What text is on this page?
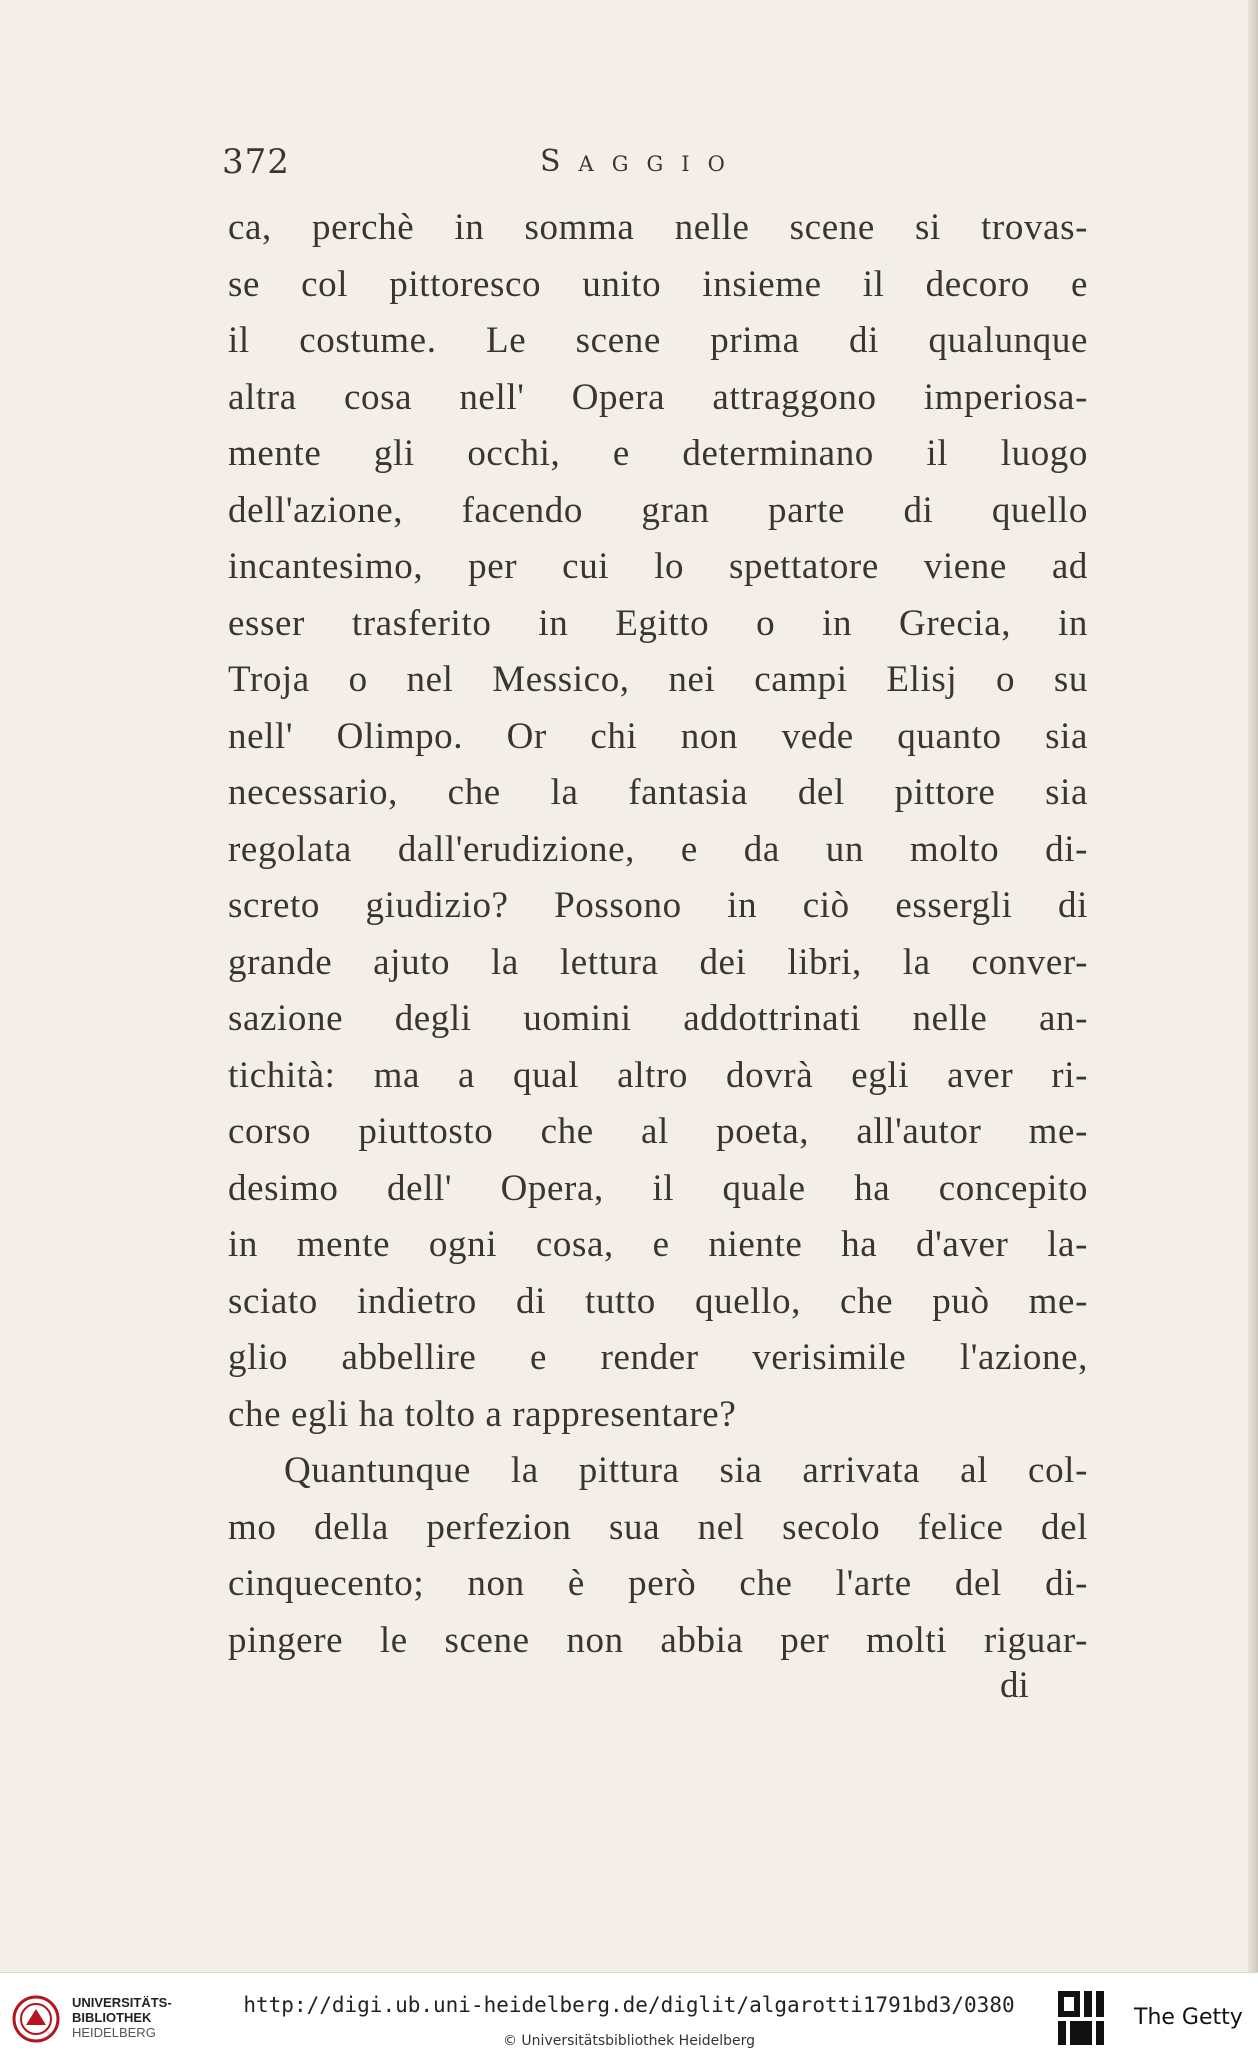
372	Saggio
ca, perchè in somma nelle scene si trovas-
se col pittoresco unito insieme il decoro e
il costume. Le scene prima di qualunque
altra cosa nell' Opera attraggono imperiosa-
mente gli occhi, e determinano il luogo
dell'azione, facendo gran parte di quello
incantesimo, per cui lo spettatore viene ad
esser trasferito in Egitto o in Grecia, in
Troja o nel Messico, nei campi Elisj o su
nell' Olimpo. Or chi non vede quanto sia
necessario, che la fantasia del pittore sia
regolata dall'erudizione, e da un molto di-
screto giudizio? Possono in ciò essergli di
grande ajuto la lettura dei libri, la conver-
sazione degli uomini addottrinati nelle an-
tichità: ma a qual altro dovrà egli aver ri-
corso piuttosto che al poeta, all'autor me-
desimo dell' Opera, il quale ha concepito
in mente ogni cosa, e niente ha d'aver la-
sciato indietro di tutto quello, che può me-
glio abbellire e render verisimile l'azione,
che egli ha tolto a rappresentare?
Quantunque la pittura sia arrivata al col-
mo della perfezion sua nel secolo felice del
cinquecento; non è però che l'arte del di-
pingere le scene non abbia per molti riguar-
di
UNIVERSITÄTS-
BIBLIOTHEK
HEIDELBERG
http://digi.ub.uni-heidelberg.de/diglit/algarotti1791bd3/0380
© Universitätsbibliothek Heidelberg
The Getty
